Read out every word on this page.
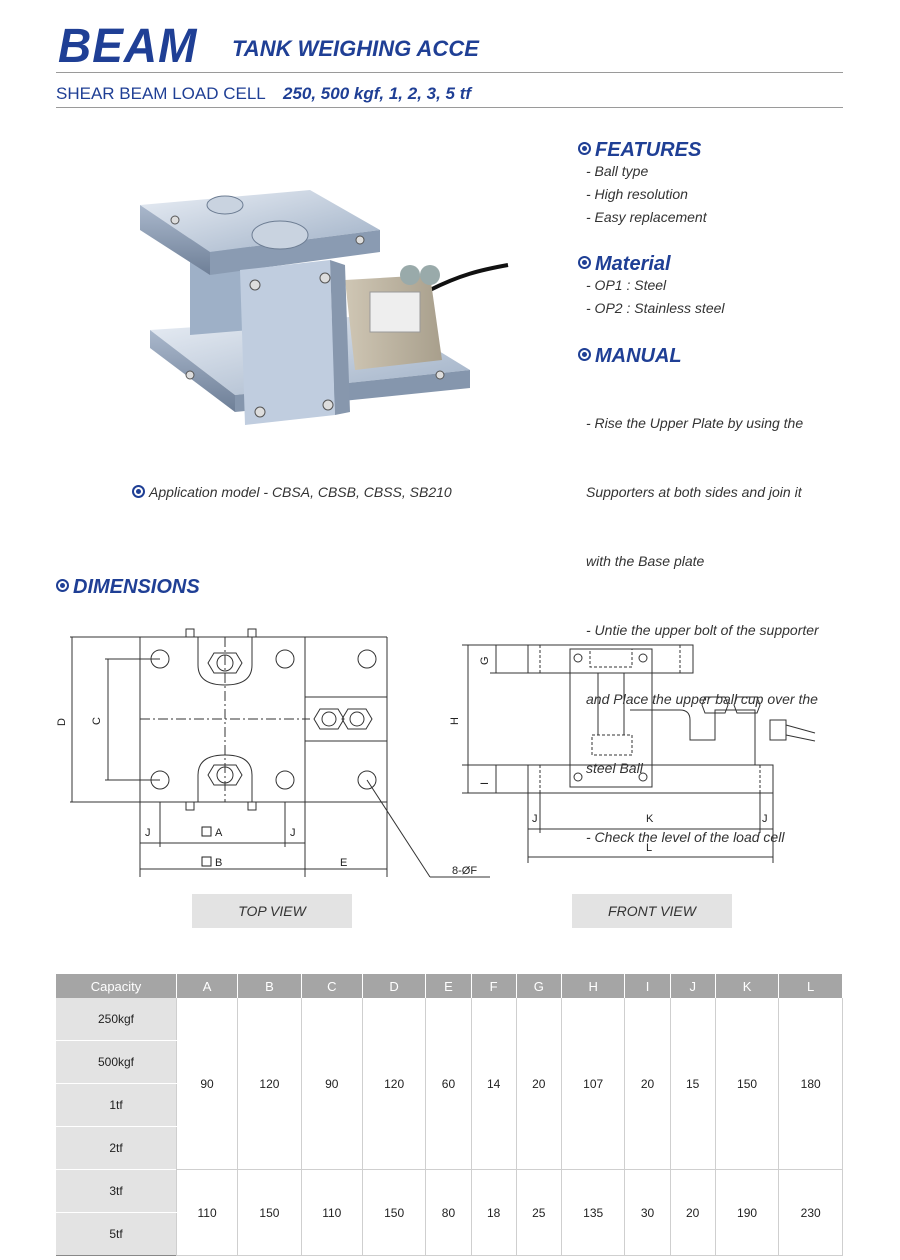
BEAM TANK WEIGHING ACCE
SHEAR BEAM LOAD CELL 250, 500 kgf, 1, 2, 3, 5 tf
Application model - CBSA, CBSB, CBSS, SB210
FEATURES
- Ball type
- High resolution
- Easy replacement
Material
- OP1 : Steel
- OP2 : Stainless steel
MANUAL

- Rise the Upper Plate by using the

Supporters at both sides and join it

with the Base plate

- Untie the upper bolt of the supporter

and Place the upper ball cup over the

steel Ball

- Check the level of the load cell

DIMENSIONS
D C
J	J
A
B	E
8-ØF
H
G
I
J	J
K
L
TOP VIEW	FRONT VIEW
Capacity	A	B	C	D	E	F	G	H	I	J	K	L
250kgf	90	120	90	120	60	14	20	107	20	15	150	180
500kgf												
1tf												
2tf												
3tf	110	150	110	150	80	18	25	135	30	20	190	230
5tf												
